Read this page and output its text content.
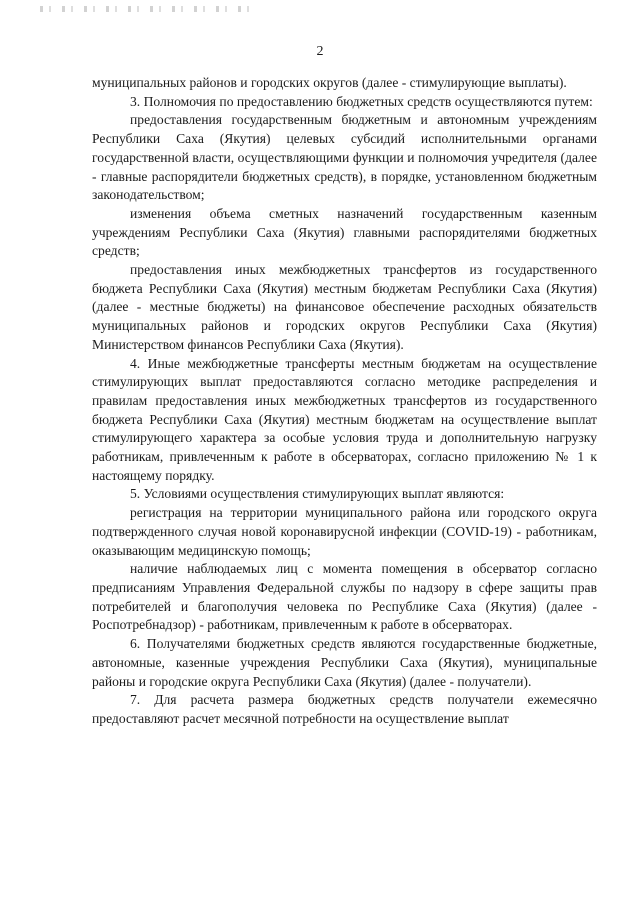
2

муниципальных районов и городских округов (далее - стимулирующие выплаты).

3. Полномочия по предоставлению бюджетных средств осуществляются путем:

предоставления государственным бюджетным и автономным учреждениям Республики Саха (Якутия) целевых субсидий исполнительными органами государственной власти, осуществляющими функции и полномочия учредителя (далее - главные распорядители бюджетных средств), в порядке, установленном бюджетным законодательством;

изменения объема сметных назначений государственным казенным учреждениям Республики Саха (Якутия) главными распорядителями бюджетных средств;

предоставления иных межбюджетных трансфертов из государственного бюджета Республики Саха (Якутия) местным бюджетам Республики Саха (Якутия) (далее - местные бюджеты) на финансовое обеспечение расходных обязательств муниципальных районов и городских округов Республики Саха (Якутия) Министерством финансов Республики Саха (Якутия).

4. Иные межбюджетные трансферты местным бюджетам на осуществление стимулирующих выплат предоставляются согласно методике распределения и правилам предоставления иных межбюджетных трансфертов из государственного бюджета Республики Саха (Якутия) местным бюджетам на осуществление выплат стимулирующего характера за особые условия труда и дополнительную нагрузку работникам, привлеченным к работе в обсерваторах, согласно приложению № 1 к настоящему порядку.

5. Условиями осуществления стимулирующих выплат являются:

регистрация на территории муниципального района или городского округа подтвержденного случая новой коронавирусной инфекции (COVID-19) - работникам, оказывающим медицинскую помощь;

наличие наблюдаемых лиц с момента помещения в обсерватор согласно предписаниям Управления Федеральной службы по надзору в сфере защиты прав потребителей и благополучия человека по Республике Саха (Якутия) (далее - Роспотребнадзор) - работникам, привлеченным к работе в обсерваторах.

6. Получателями бюджетных средств являются государственные бюджетные, автономные, казенные учреждения Республики Саха (Якутия), муниципальные районы и городские округа Республики Саха (Якутия) (далее - получатели).

7. Для расчета размера бюджетных средств получатели ежемесячно предоставляют расчет месячной потребности на осуществление выплат
